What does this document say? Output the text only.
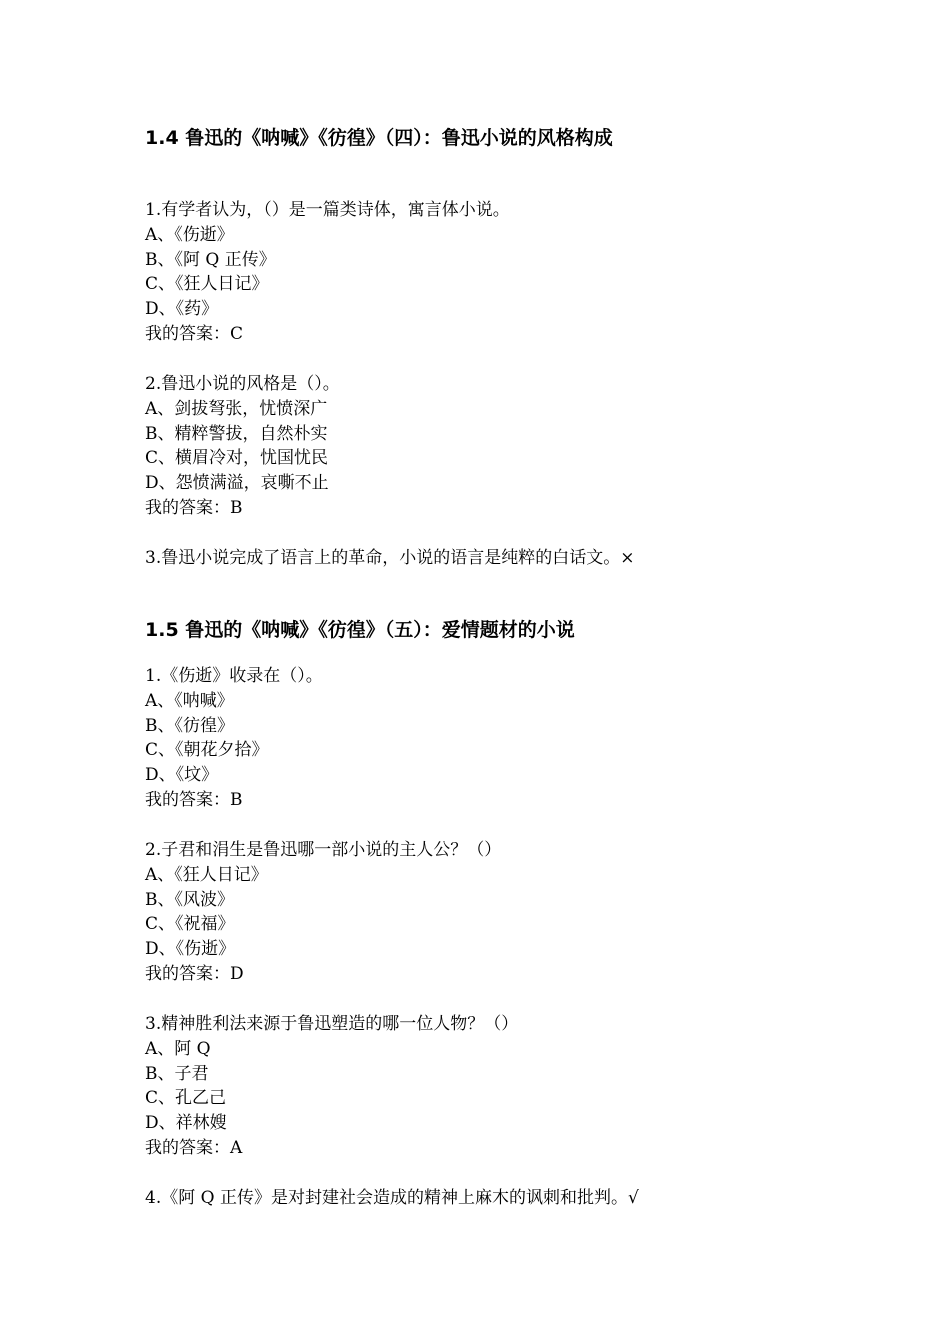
1.4 鲁迅的《呐喊》《彷徨》（四）：鲁迅小说的风格构成
1.有学者认为，（）是一篇类诗体，寓言体小说。
A、《伤逝》
B、《阿 Q 正传》
C、《狂人日记》
D、《药》
我的答案：C
2.鲁迅小说的风格是（）。
A、剑拔弩张，忧愤深广
B、精粹警拔，自然朴实
C、横眉冷对，忧国忧民
D、怨愤满溢，哀嘶不止
我的答案：B
3.鲁迅小说完成了语言上的革命，小说的语言是纯粹的白话文。×
1.5 鲁迅的《呐喊》《彷徨》（五）：爱情题材的小说
1.《伤逝》收录在（）。
A、《呐喊》
B、《彷徨》
C、《朝花夕拾》
D、《坟》
我的答案：B
2.子君和涓生是鲁迅哪一部小说的主人公？（）
A、《狂人日记》
B、《风波》
C、《祝福》
D、《伤逝》
我的答案：D
3.精神胜利法来源于鲁迅塑造的哪一位人物？（）
A、阿 Q
B、子君
C、孔乙己
D、祥林嫂
我的答案：A
4.《阿 Q 正传》是对封建社会造成的精神上麻木的讽刺和批判。√
